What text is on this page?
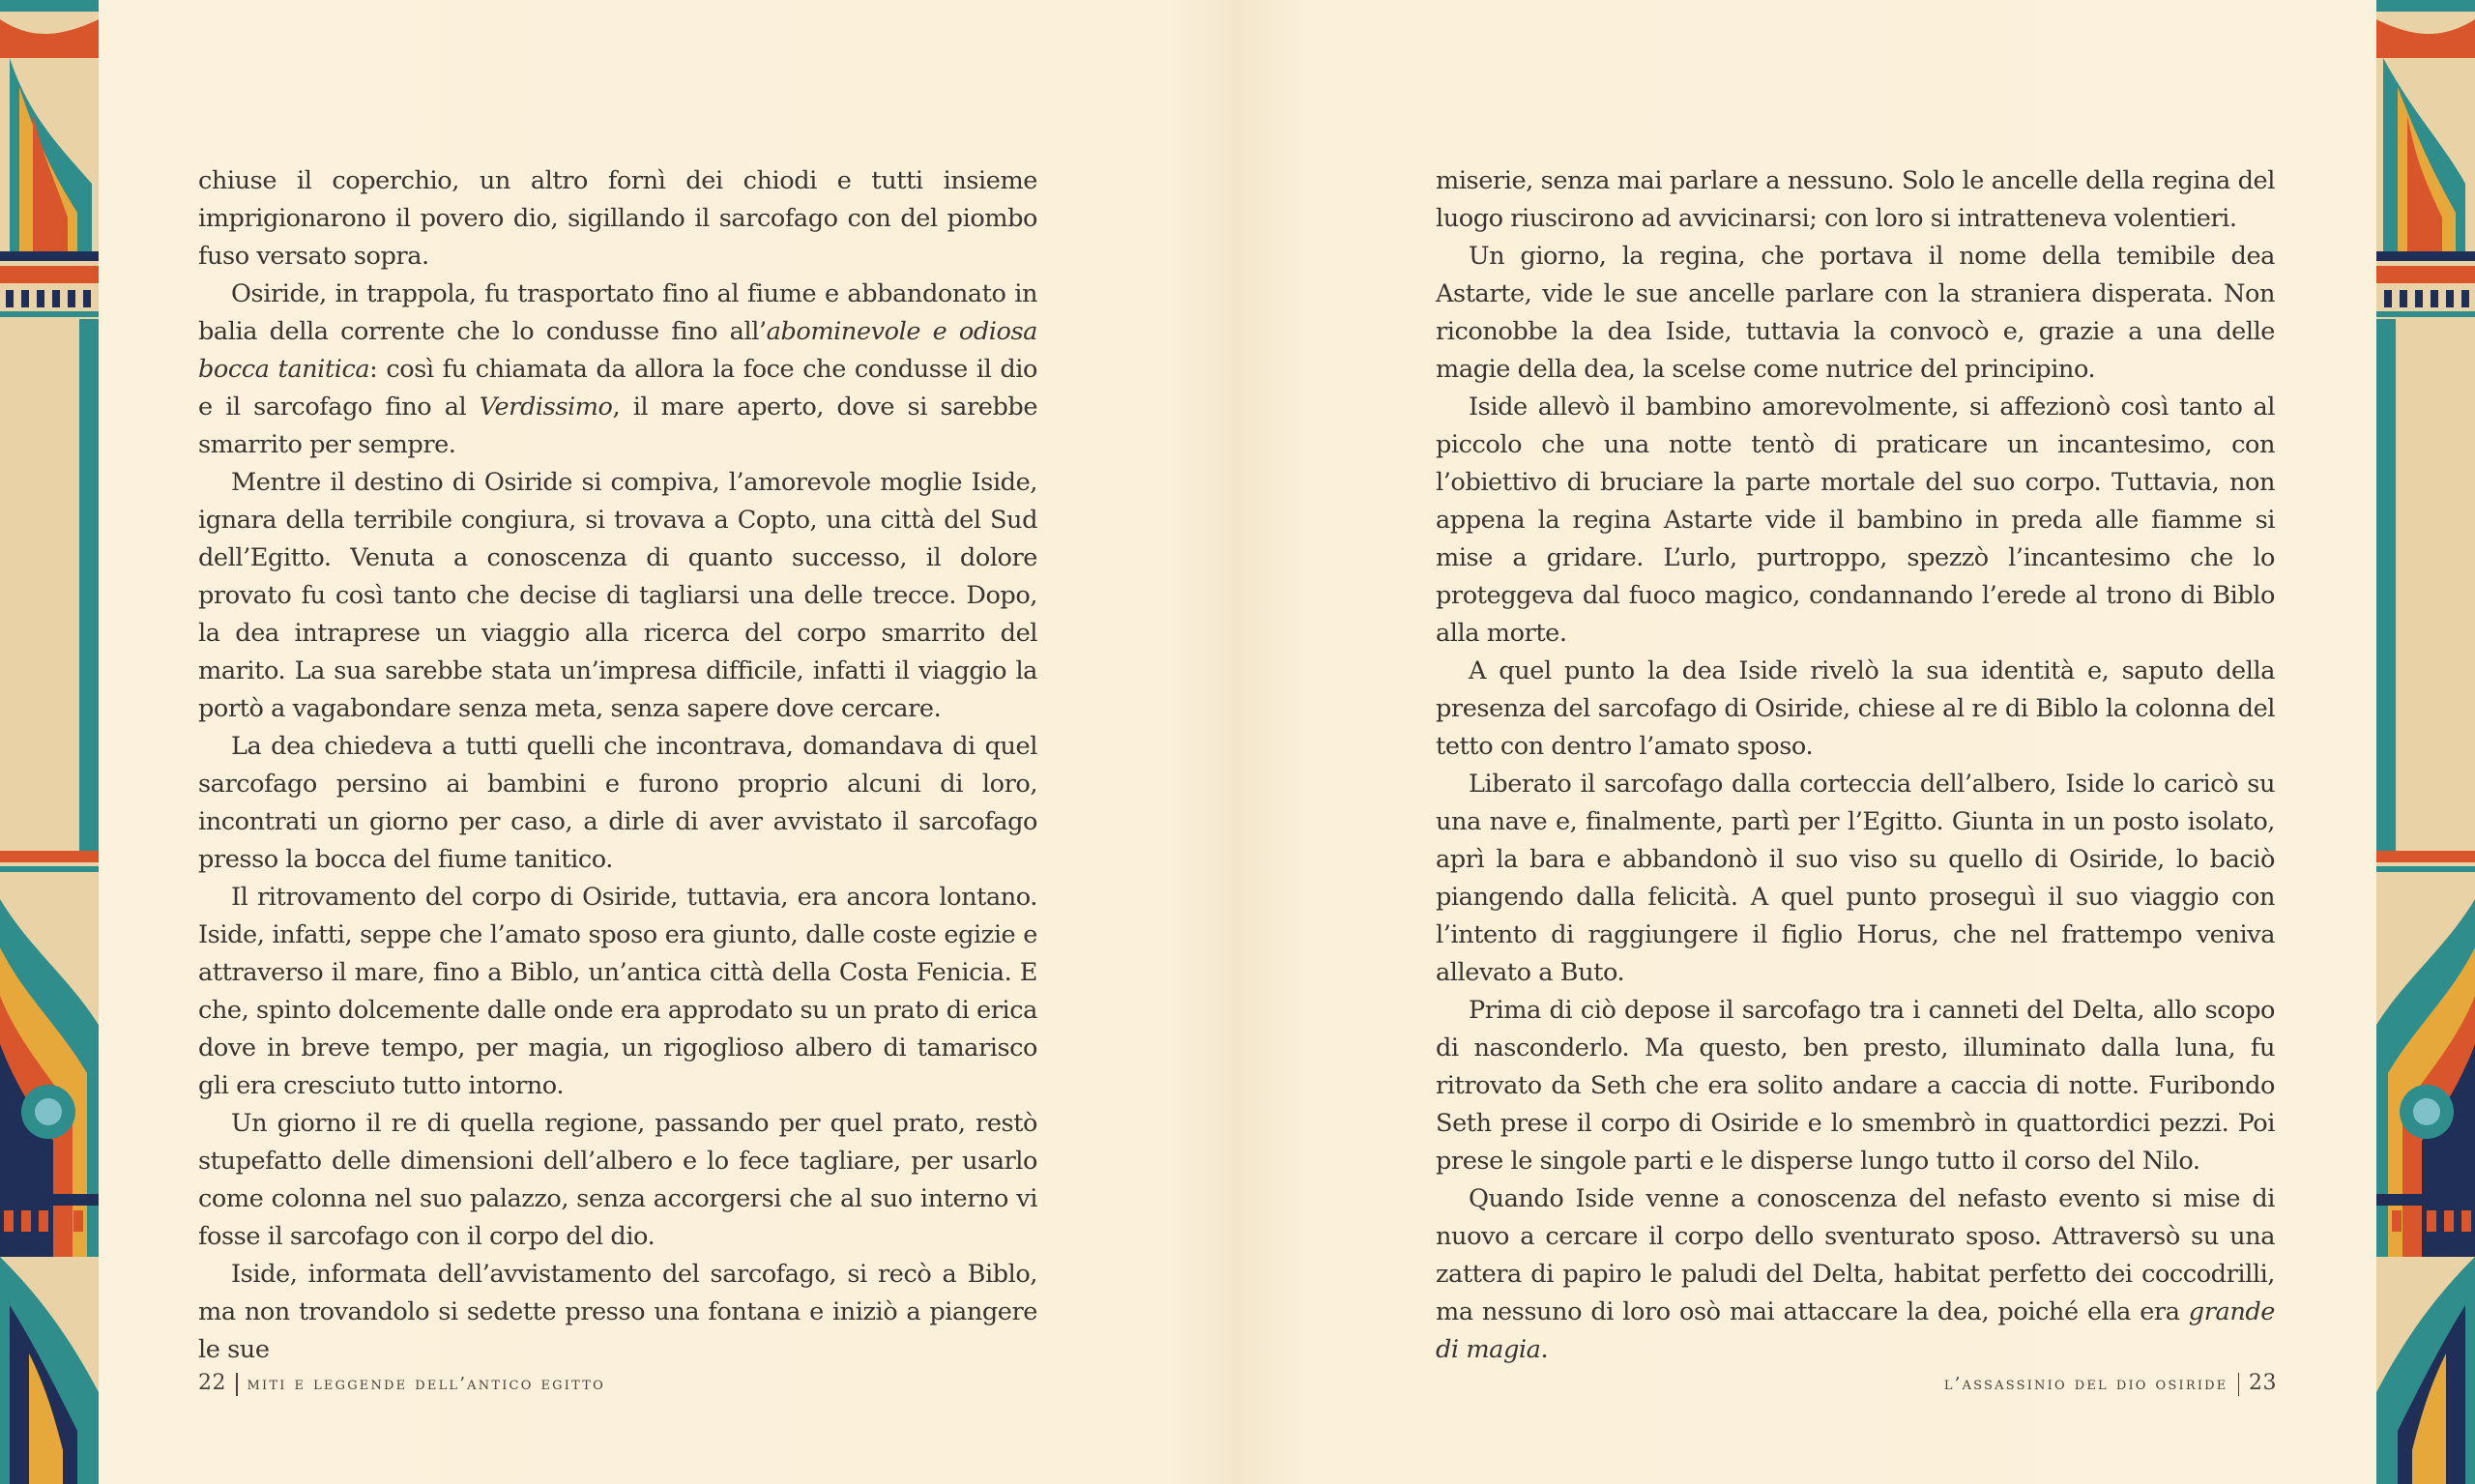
chiuse il coperchio, un altro fornì dei chiodi e tutti insieme imprigionarono il povero dio, sigillando il sarcofago con del piombo fuso versato sopra.

Osiride, in trappola, fu trasportato fino al fiume e abbandonato in balia della corrente che lo condusse fino all’abominevole e odiosa bocca tanitica: così fu chiamata da allora la foce che condusse il dio e il sarcofago fino al Verdissimo, il mare aperto, dove si sarebbe smarrito per sempre.

Mentre il destino di Osiride si compiva, l’amorevole moglie Iside, ignara della terribile congiura, si trovava a Copto, una città del Sud dell’Egitto. Venuta a conoscenza di quanto successo, il dolore provato fu così tanto che decise di tagliarsi una delle trecce. Dopo, la dea intraprese un viaggio alla ricerca del corpo smarrito del marito. La sua sarebbe stata un’impresa difficile, infatti il viaggio la portò a vagabondare senza meta, senza sapere dove cercare.

La dea chiedeva a tutti quelli che incontrava, domandava di quel sarcofago persino ai bambini e furono proprio alcuni di loro, incontrati un giorno per caso, a dirle di aver avvistato il sarcofago presso la bocca del fiume tanitico.

Il ritrovamento del corpo di Osiride, tuttavia, era ancora lontano. Iside, infatti, seppe che l’amato sposo era giunto, dalle coste egizie e attraverso il mare, fino a Biblo, un’antica città della Costa Fenicia. E che, spinto dolcemente dalle onde era approdato su un prato di erica dove in breve tempo, per magia, un rigoglioso albero di tamarisco gli era cresciuto tutto intorno.

Un giorno il re di quella regione, passando per quel prato, restò stupefatto delle dimensioni dell’albero e lo fece tagliare, per usarlo come colonna nel suo palazzo, senza accorgersi che al suo interno vi fosse il sarcofago con il corpo del dio.

Iside, informata dell’avvistamento del sarcofago, si recò a Biblo, ma non trovandolo si sedette presso una fontana e iniziò a piangere le sue

miserie, senza mai parlare a nessuno. Solo le ancelle della regina del luogo riuscirono ad avvicinarsi; con loro si intratteneva volentieri.

Un giorno, la regina, che portava il nome della temibile dea Astarte, vide le sue ancelle parlare con la straniera disperata. Non riconobbe la dea Iside, tuttavia la convocò e, grazie a una delle magie della dea, la scelse come nutrice del principino.

Iside allevò il bambino amorevolmente, si affezionò così tanto al piccolo che una notte tentò di praticare un incantesimo, con l’obiettivo di bruciare la parte mortale del suo corpo. Tuttavia, non appena la regina Astarte vide il bambino in preda alle fiamme si mise a gridare. L’urlo, purtroppo, spezzò l’incantesimo che lo proteggeva dal fuoco magico, condannando l’erede al trono di Biblo alla morte.

A quel punto la dea Iside rivelò la sua identità e, saputo della presenza del sarcofago di Osiride, chiese al re di Biblo la colonna del tetto con dentro l’amato sposo.

Liberato il sarcofago dalla corteccia dell’albero, Iside lo caricò su una nave e, finalmente, partì per l’Egitto. Giunta in un posto isolato, aprì la bara e abbandonò il suo viso su quello di Osiride, lo baciò piangendo dalla felicità. A quel punto proseguì il suo viaggio con l’intento di raggiungere il figlio Horus, che nel frattempo veniva allevato a Buto.

Prima di ciò depose il sarcofago tra i canneti del Delta, allo scopo di nasconderlo. Ma questo, ben presto, illuminato dalla luna, fu ritrovato da Seth che era solito andare a caccia di notte. Furibondo Seth prese il corpo di Osiride e lo smembrò in quattordici pezzi. Poi prese le singole parti e le disperse lungo tutto il corso del Nilo.

Quando Iside venne a conoscenza del nefasto evento si mise di nuovo a cercare il corpo dello sventurato sposo. Attraversò su una zattera di papiro le paludi del Delta, habitat perfetto dei coccodrilli, ma nessuno di loro osò mai attaccare la dea, poiché ella era grande di magia.

22 miti e leggende dell’antico egitto	l’assassinio del dio osiride 23
